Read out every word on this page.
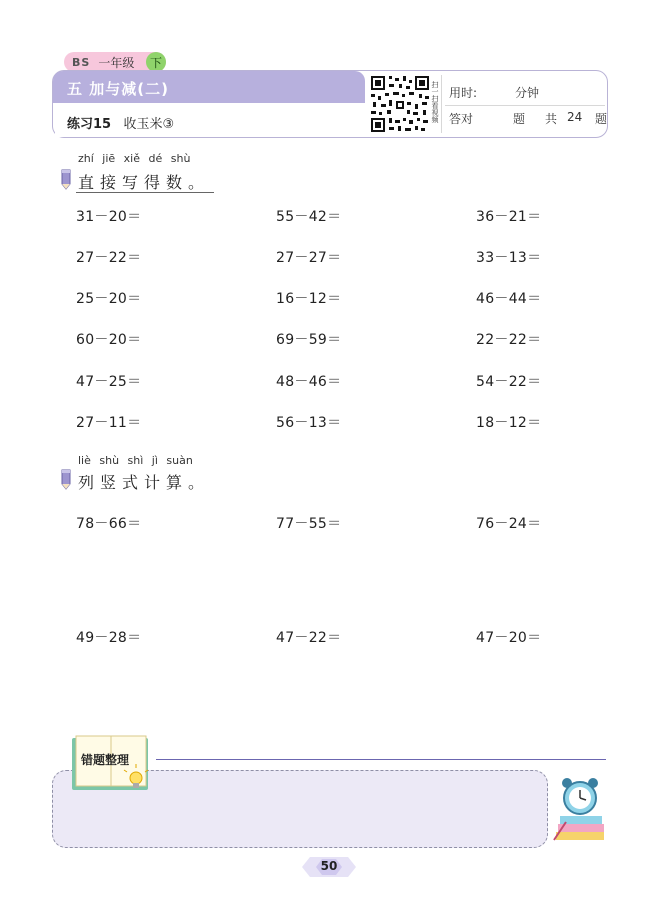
BS 一年级	下
五 加与减(二)
练习15 收玉米③
扫一扫看视频 用时:	分钟
答对	题 共 24 题
zhí jiē xiě dé shù
直接写得数。
31－20＝	55－42＝	36－21＝
27－22＝	27－27＝	33－13＝
25－20＝	16－12＝	46－44＝
60－20＝	69－59＝	22－22＝
47－25＝	48－46＝	54－22＝
27－11＝	56－13＝	18－12＝
liè shù shì jì suàn
列竖式计算。
78－66＝	77－55＝	76－24＝
49－28＝	47－22＝	47－20＝
错题整理
50
